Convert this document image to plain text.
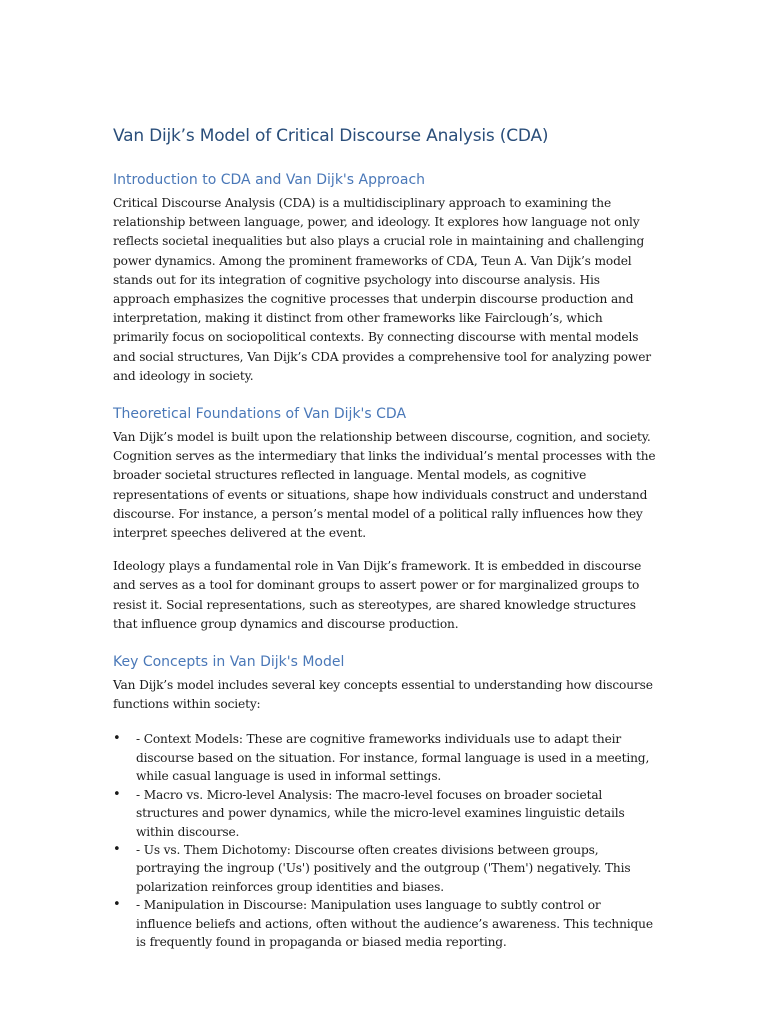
Van Dijk’s Model of Critical Discourse Analysis (CDA)
Introduction to CDA and Van Dijk's Approach

Critical Discourse Analysis (CDA) is a multidisciplinary approach to examining the relationship between language, power, and ideology. It explores how language not only reflects societal inequalities but also plays a crucial role in maintaining and challenging power dynamics. Among the prominent frameworks of CDA, Teun A. Van Dijk’s model stands out for its integration of cognitive psychology into discourse analysis. His approach emphasizes the cognitive processes that underpin discourse production and interpretation, making it distinct from other frameworks like Fairclough’s, which primarily focus on sociopolitical contexts. By connecting discourse with mental models and social structures, Van Dijk’s CDA provides a comprehensive tool for analyzing power and ideology in society.

Theoretical Foundations of Van Dijk's CDA

Van Dijk’s model is built upon the relationship between discourse, cognition, and society. Cognition serves as the intermediary that links the individual’s mental processes with the broader societal structures reflected in language. Mental models, as cognitive representations of events or situations, shape how individuals construct and understand discourse. For instance, a person’s mental model of a political rally influences how they interpret speeches delivered at the event.

Ideology plays a fundamental role in Van Dijk’s framework. It is embedded in discourse and serves as a tool for dominant groups to assert power or for marginalized groups to resist it. Social representations, such as stereotypes, are shared knowledge structures that influence group dynamics and discourse production.

Key Concepts in Van Dijk's Model

Van Dijk’s model includes several key concepts essential to understanding how discourse functions within society:

• - Context Models: These are cognitive frameworks individuals use to adapt their discourse based on the situation. For instance, formal language is used in a meeting, while casual language is used in informal settings.
• - Macro vs. Micro-level Analysis: The macro-level focuses on broader societal structures and power dynamics, while the micro-level examines linguistic details within discourse.
• - Us vs. Them Dichotomy: Discourse often creates divisions between groups, portraying the ingroup ('Us') positively and the outgroup ('Them') negatively. This polarization reinforces group identities and biases.
• - Manipulation in Discourse: Manipulation uses language to subtly control or influence beliefs and actions, often without the audience’s awareness. This technique is frequently found in propaganda or biased media reporting.
